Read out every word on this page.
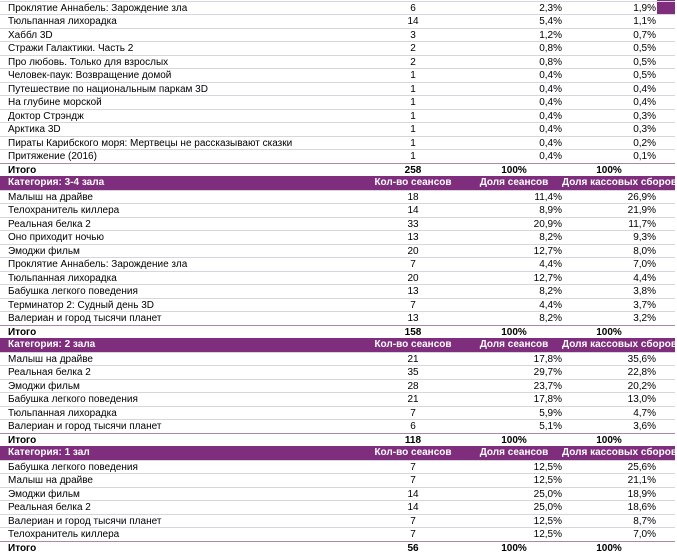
Проклятие Аннабель: Зарождение зла	6	2,3%	1,9%
Тюльпанная лихорадка	14	5,4%	1,1%
Хаббл 3D	3	1,2%	0,7%
Стражи Галактики. Часть 2	2	0,8%	0,5%
Про любовь. Только для взрослых	2	0,8%	0,5%
Человек-паук: Возвращение домой	1	0,4%	0,5%
Путешествие по национальным паркам 3D	1	0,4%	0,4%
На глубине морской	1	0,4%	0,4%
Доктор Стрэндж	1	0,4%	0,3%
Арктика 3D	1	0,4%	0,3%
Пираты Карибского моря: Мертвецы не рассказывают сказки	1	0,4%	0,2%
Притяжение (2016)	1	0,4%	0,1%
Итого	258	100%	100%
Категория: 3-4 зала	Кол-во сеансов	Доля сеансов	Доля кассовых сборов
Малыш на драйве	18	11,4%	26,9%
Телохранитель киллера	14	8,9%	21,9%
Реальная белка 2	33	20,9%	11,7%
Оно приходит ночью	13	8,2%	9,3%
Эмоджи фильм	20	12,7%	8,0%
Проклятие Аннабель: Зарождение зла	7	4,4%	7,0%
Тюльпанная лихорадка	20	12,7%	4,4%
Бабушка легкого поведения	13	8,2%	3,8%
Терминатор 2: Судный день 3D	7	4,4%	3,7%
Валериан и город тысячи планет	13	8,2%	3,2%
Итого	158	100%	100%
Категория: 2 зала	Кол-во сеансов	Доля сеансов	Доля кассовых сборов
Малыш на драйве	21	17,8%	35,6%
Реальная белка 2	35	29,7%	22,8%
Эмоджи фильм	28	23,7%	20,2%
Бабушка легкого поведения	21	17,8%	13,0%
Тюльпанная лихорадка	7	5,9%	4,7%
Валериан и город тысячи планет	6	5,1%	3,6%
Итого	118	100%	100%
Категория: 1 зал	Кол-во сеансов	Доля сеансов	Доля кассовых сборов
Бабушка легкого поведения	7	12,5%	25,6%
Малыш на драйве	7	12,5%	21,1%
Эмоджи фильм	14	25,0%	18,9%
Реальная белка 2	14	25,0%	18,6%
Валериан и город тысячи планет	7	12,5%	8,7%
Телохранитель киллера	7	12,5%	7,0%
Итого	56	100%	100%
